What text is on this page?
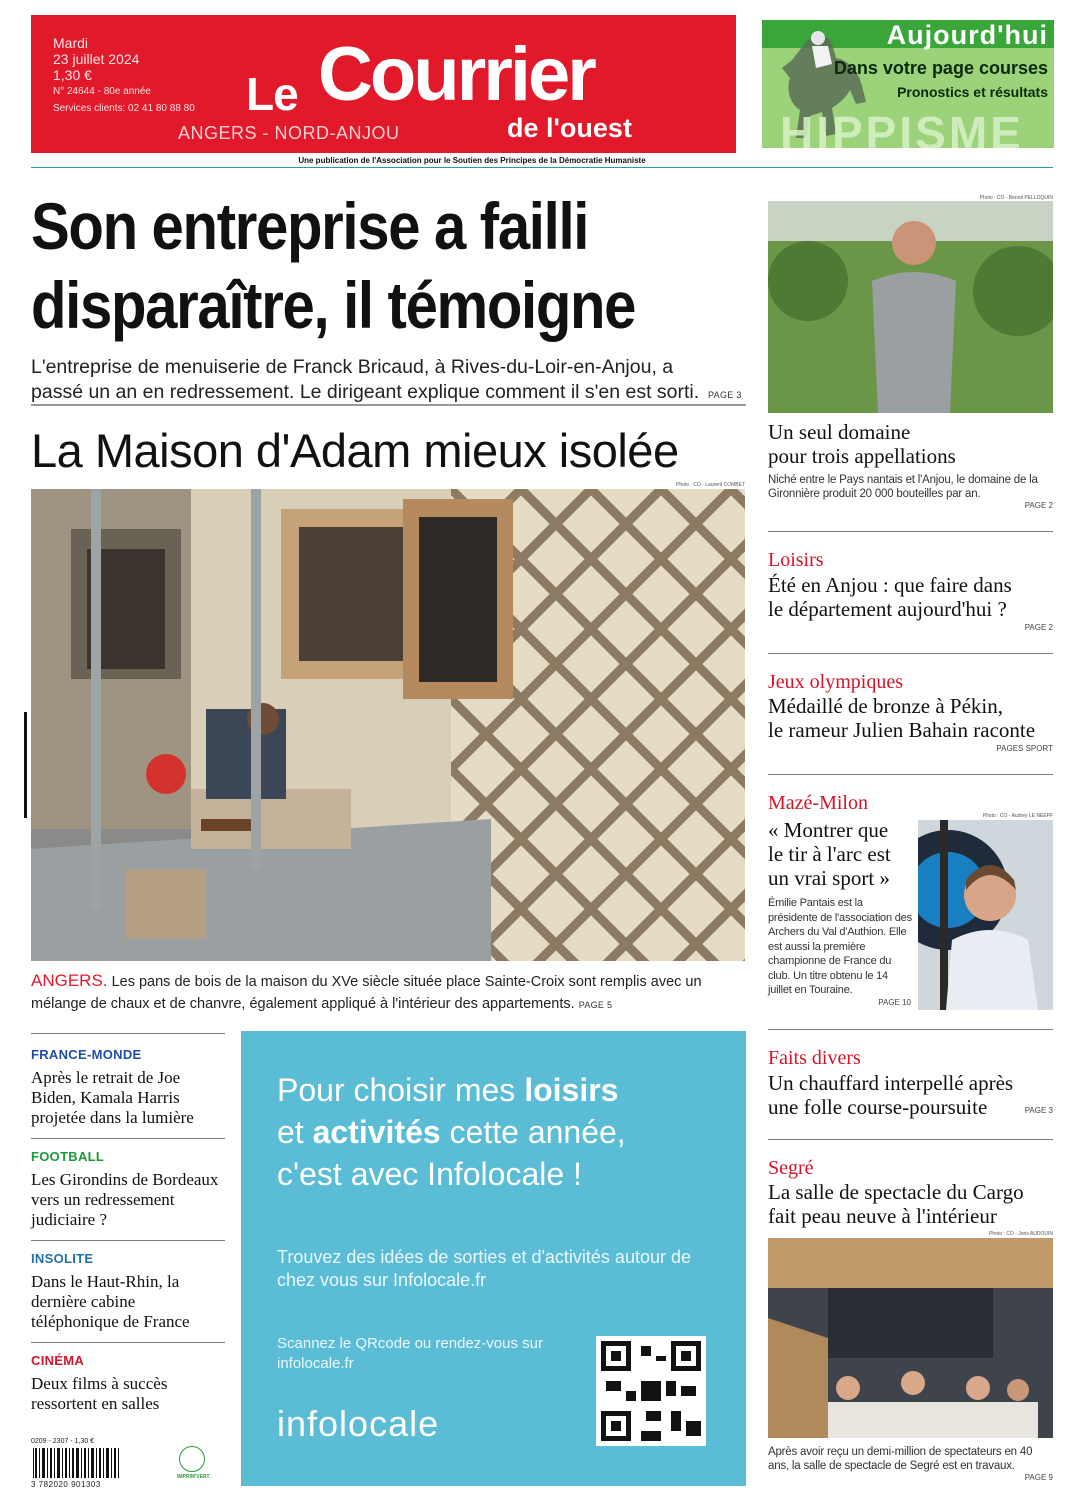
Mardi
23 juillet 2024
1,30 €
N° 24644 - 80e année
Services clients: 02 41 80 88 80 Le Courrier
ANGERS - NORD-ANJOU	de l'ouest
Une publication de l'Association pour le Soutien des Principes de la Démocratie Humaniste
Aujourd'hui
Dans votre page courses
Pronostics et résultats
HIPPISME
Son entreprise a failli
disparaître, il témoigne
L'entreprise de menuiserie de Franck Bricaud, à Rives-du-Loir-en-Anjou, a passé un an en redressement. Le dirigeant explique comment il s'en est sorti. PAGE 3
La Maison d'Adam mieux isolée
Photo : CO - Laurent COMBET
ANGERS. Les pans de bois de la maison du XVe siècle située place Sainte-Croix sont remplis avec un mélange de chaux et de chanvre, également appliqué à l'intérieur des appartements. PAGE 5
Photo : CO - Benoit PELLOQUIN
Un seul domaine
pour trois appellations
Niché entre le Pays nantais et l'Anjou, le domaine de la Gironnière produit 20 000 bouteilles par an.
PAGE 2
Loisirs
Été en Anjou : que faire dans
le département aujourd'hui ?
PAGE 2
Jeux olympiques
Médaillé de bronze à Pékin,
le rameur Julien Bahain raconte
PAGES SPORT
Mazé-Milon
« Montrer que
le tir à l'arc est
un vrai sport »
Émilie Pantais est la présidente de l'association des Archers du Val d'Authion. Elle est aussi la première championne de France du club. Un titre obtenu le 14 juillet en Touraine.
PAGE 10
Photo : CO - Audrey LE NEEPF
Faits divers
Un chauffard interpellé après
une folle course-poursuite	PAGE 3
Segré
La salle de spectacle du Cargo
fait peau neuve à l'intérieur
Photo : CO - Joris AUDOUIN
Après avoir reçu un demi-million de spectateurs en 40 ans, la salle de spectacle de Segré est en travaux.
PAGE 9
FRANCE-MONDE
Après le retrait de Joe Biden, Kamala Harris projetée dans la lumière
FOOTBALL
Les Girondins de Bordeaux vers un redressement judiciaire ?
INSOLITE
Dans le Haut-Rhin, la dernière cabine téléphonique de France
CINÉMA
Deux films à succès ressortent en salles
Pour choisir mes loisirs
et activités cette année,
c'est avec Infolocale !
Trouvez des idées de sorties et d'activités autour de chez vous sur Infolocale.fr
Scannez le QRcode ou rendez-vous sur infolocale.fr
infolocale
0209 - 2307 - 1,30 €
3 782020 901303
IMPRIM'VERT
